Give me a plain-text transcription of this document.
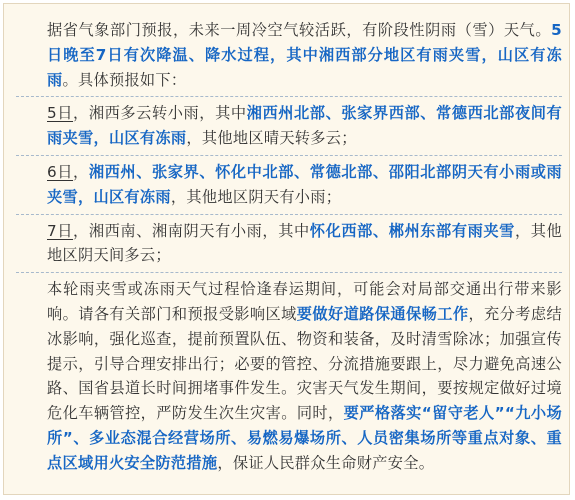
据省气象部门预报，未来一周冷空气较活跃，有阶段性阴雨（雪）天气。5日晚至7日有次降温、降水过程，其中湘西部分地区有雨夹雪，山区有冻雨。具体预报如下：

5日，湘西多云转小雨，其中湘西州北部、张家界西部、常德西北部夜间有雨夹雪，山区有冻雨，其他地区晴天转多云；

6日，湘西州、张家界、怀化中北部、常德北部、邵阳北部阴天有小雨或雨夹雪，山区有冻雨，其他地区阴天有小雨；

7日，湘西南、湘南阴天有小雨，其中怀化西部、郴州东部有雨夹雪，其他地区阴天间多云；

本轮雨夹雪或冻雨天气过程恰逢春运期间，可能会对局部交通出行带来影响。请各有关部门和预报受影响区域要做好道路保通保畅工作，充分考虑结冰影响，强化巡查，提前预置队伍、物资和装备，及时清雪除冰；加强宣传提示，引导合理安排出行；必要的管控、分流措施要跟上，尽力避免高速公路、国省县道长时间拥堵事件发生。灾害天气发生期间，要按规定做好过境危化车辆管控，严防发生次生灾害。同时，要严格落实“留守老人”“九小场所”、多业态混合经营场所、易燃易爆场所、人员密集场所等重点对象、重点区域用火安全防范措施，保证人民群众生命财产安全。
